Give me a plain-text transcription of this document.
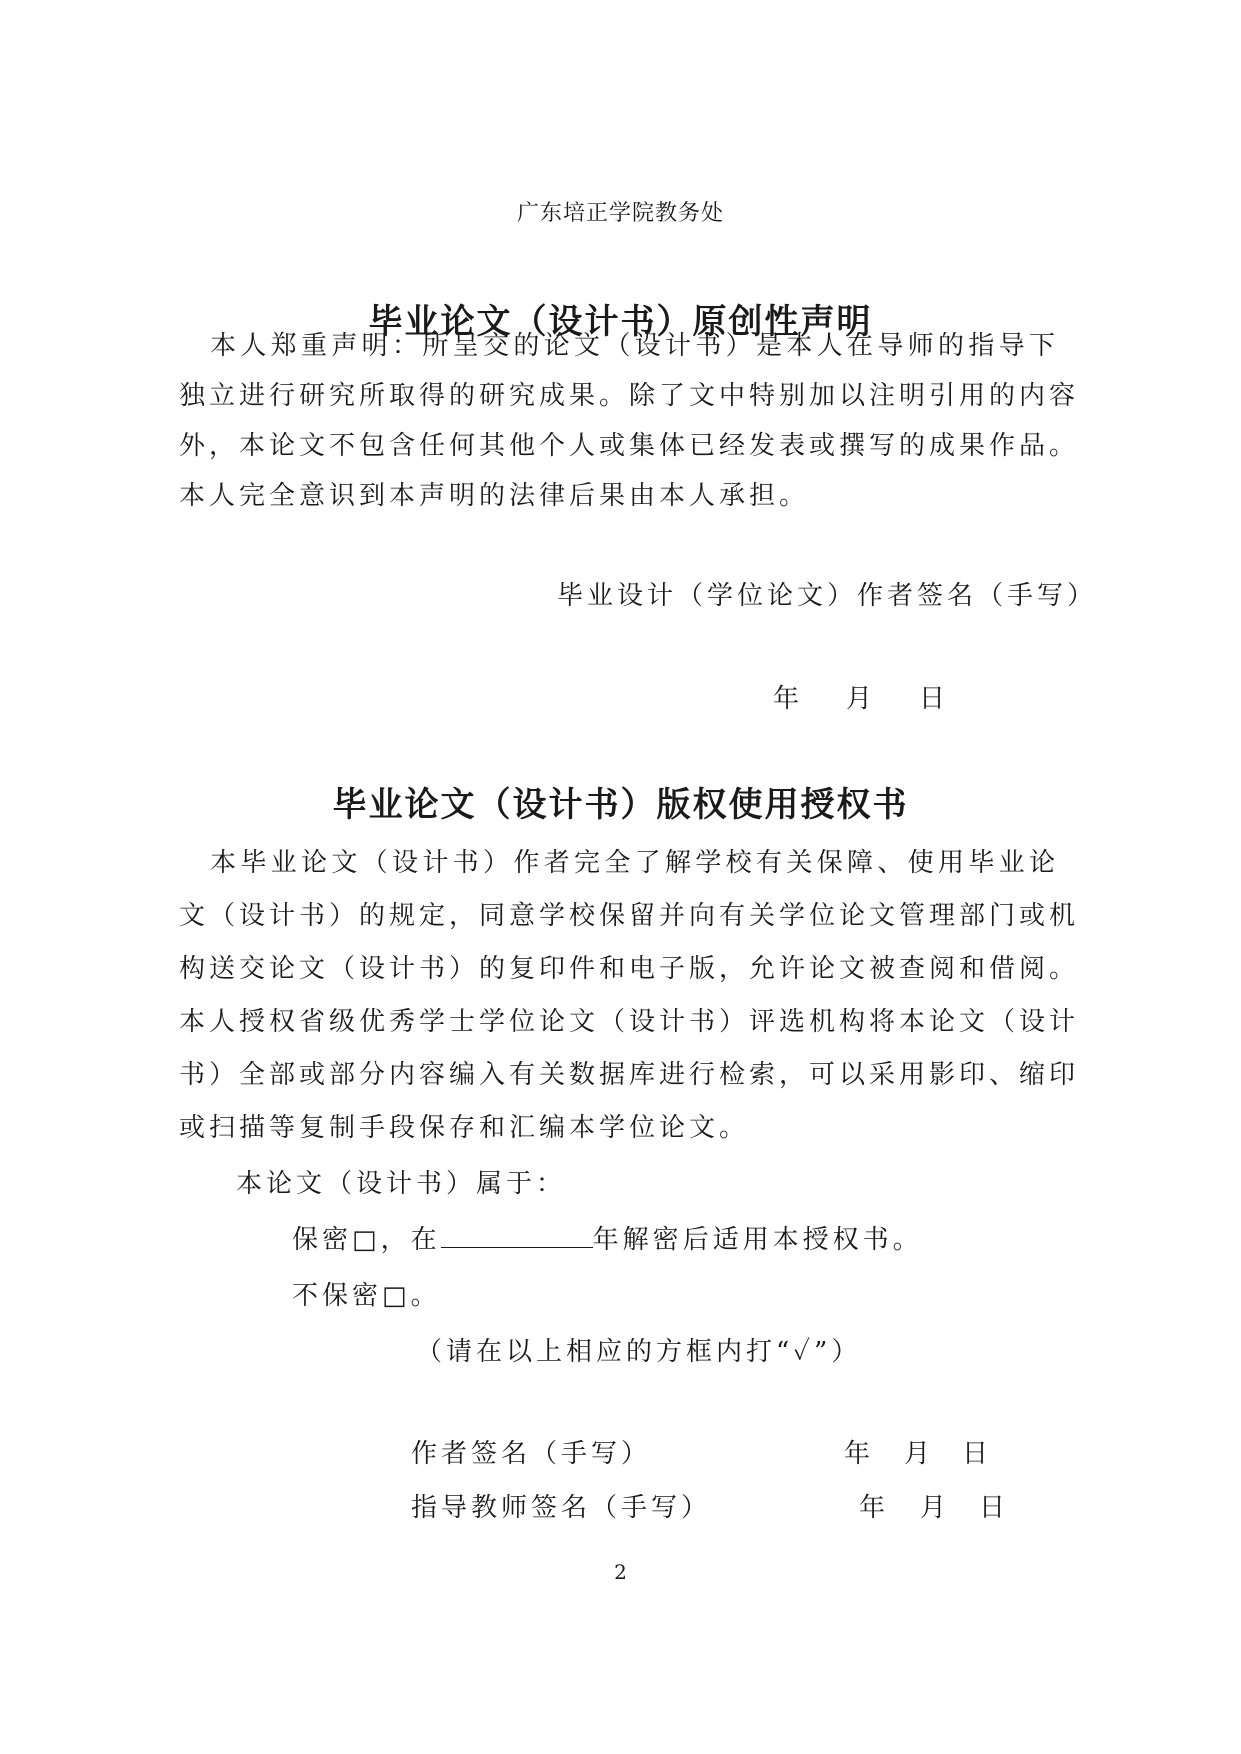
广东培正学院教务处
毕业论文（设计书）原创性声明
本人郑重声明：所呈交的论文（设计书）是本人在导师的指导下
独立进行研究所取得的研究成果。除了文中特别加以注明引用的内容
外，本论文不包含任何其他个人或集体已经发表或撰写的成果作品。
本人完全意识到本声明的法律后果由本人承担。
毕业设计（学位论文）作者签名（手写）
年 月 日
毕业论文（设计书）版权使用授权书
本毕业论文（设计书）作者完全了解学校有关保障、使用毕业论
文（设计书）的规定，同意学校保留并向有关学位论文管理部门或机
构送交论文（设计书）的复印件和电子版，允许论文被查阅和借阅。
本人授权省级优秀学士学位论文（设计书）评选机构将本论文（设计
书）全部或部分内容编入有关数据库进行检索，可以采用影印、缩印
或扫描等复制手段保存和汇编本学位论文。
本论文（设计书）属于：
保密□，在	年解密后适用本授权书。
不保密□。
（请在以上相应的方框内打“✓”）
作者签名（手写）	年 月 日
指导教师签名（手写）	年 月 日
2
